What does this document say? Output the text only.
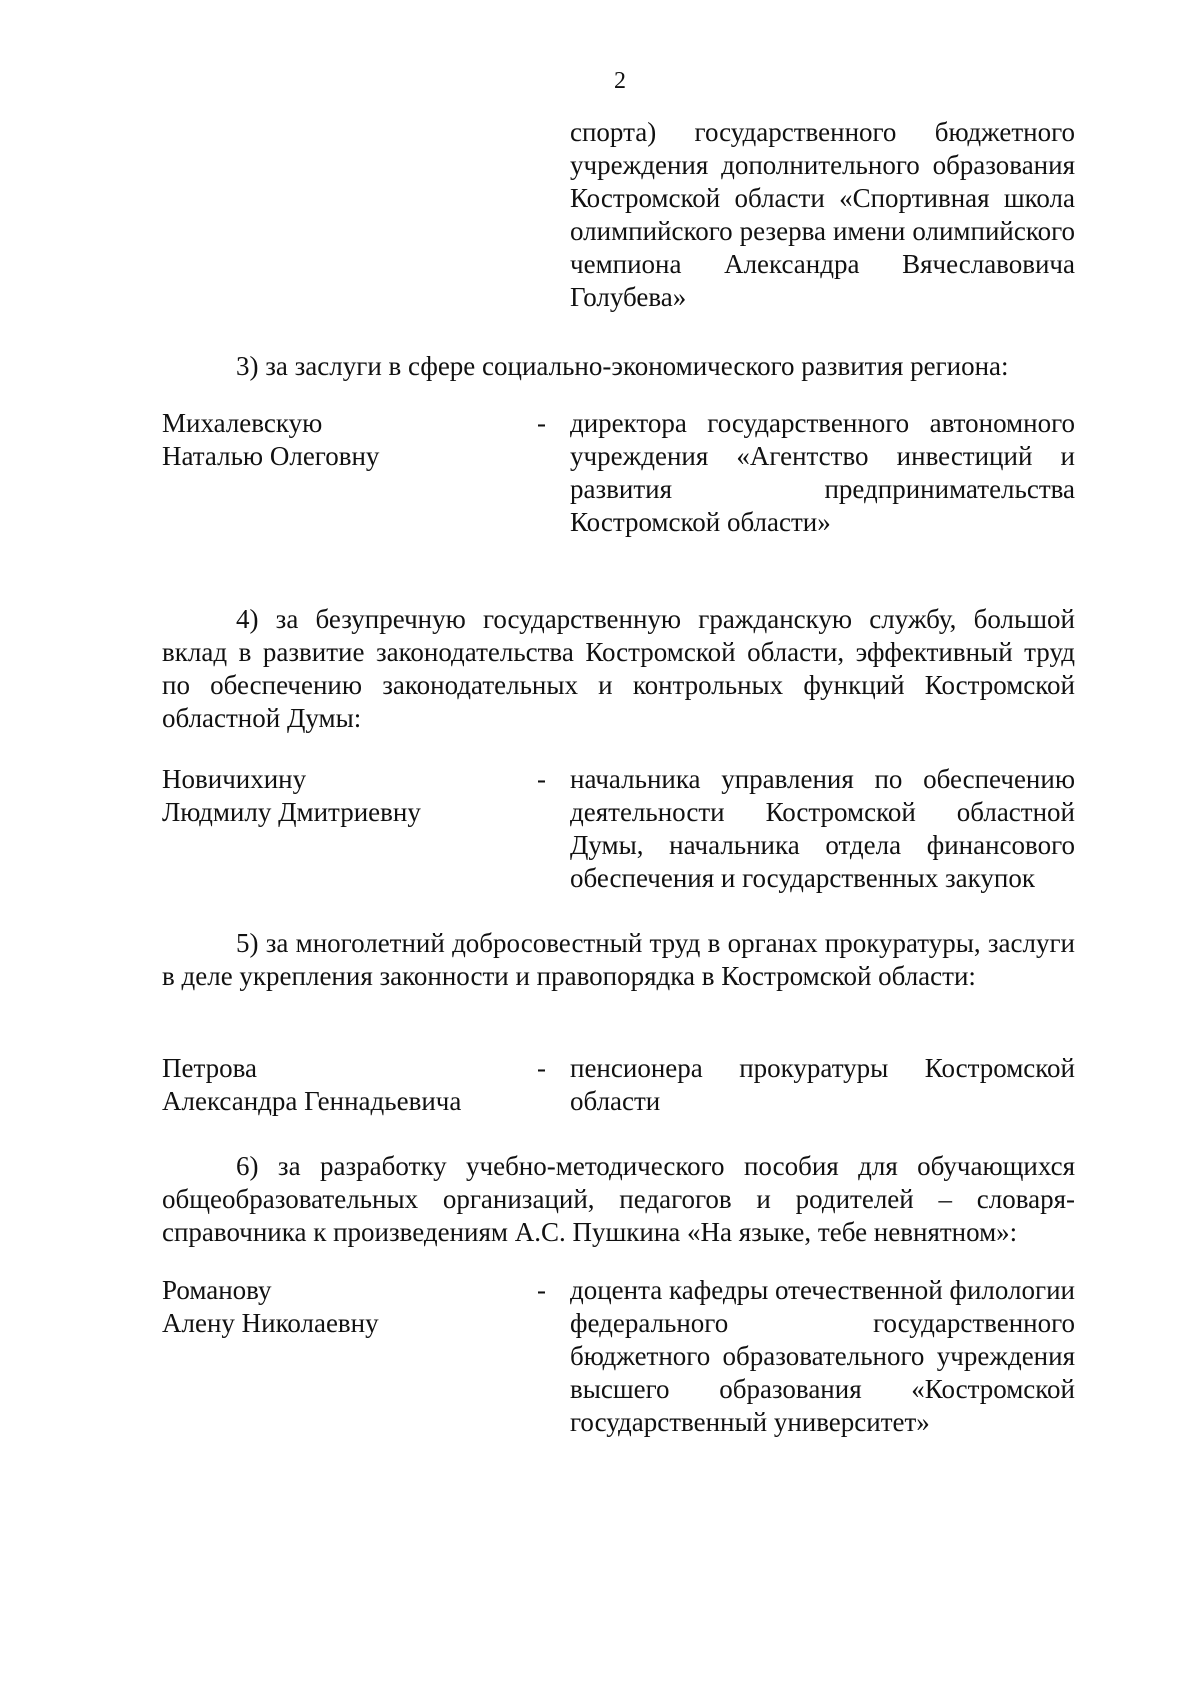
2
спорта) государственного бюджетного учреждения дополнительного образования Костромской области «Спортивная школа олимпийского резерва имени олимпийского чемпиона Александра Вячеславовича Голубева»
3) за заслуги в сфере социально-экономического развития региона:
Михалевскую
Наталью Олеговну
- директора государственного автономного учреждения «Агентство инвестиций и развития предпринимательства Костромской области»
4) за безупречную государственную гражданскую службу, большой вклад в развитие законодательства Костромской области, эффективный труд по обеспечению законодательных и контрольных функций Костромской областной Думы:
Новичихину
Людмилу Дмитриевну
- начальника управления по обеспечению деятельности Костромской областной Думы, начальника отдела финансового обеспечения и государственных закупок
5) за многолетний добросовестный труд в органах прокуратуры, заслуги в деле укрепления законности и правопорядка в Костромской области:
Петрова
Александра Геннадьевича
- пенсионера прокуратуры Костромской области
6) за разработку учебно-методического пособия для обучающихся общеобразовательных организаций, педагогов и родителей – словаря-справочника к произведениям А.С. Пушкина «На языке, тебе невнятном»:
Романову
Алену Николаевну
- доцента кафедры отечественной филологии федерального государственного бюджетного образовательного учреждения высшего образования «Костромской государственный университет»
